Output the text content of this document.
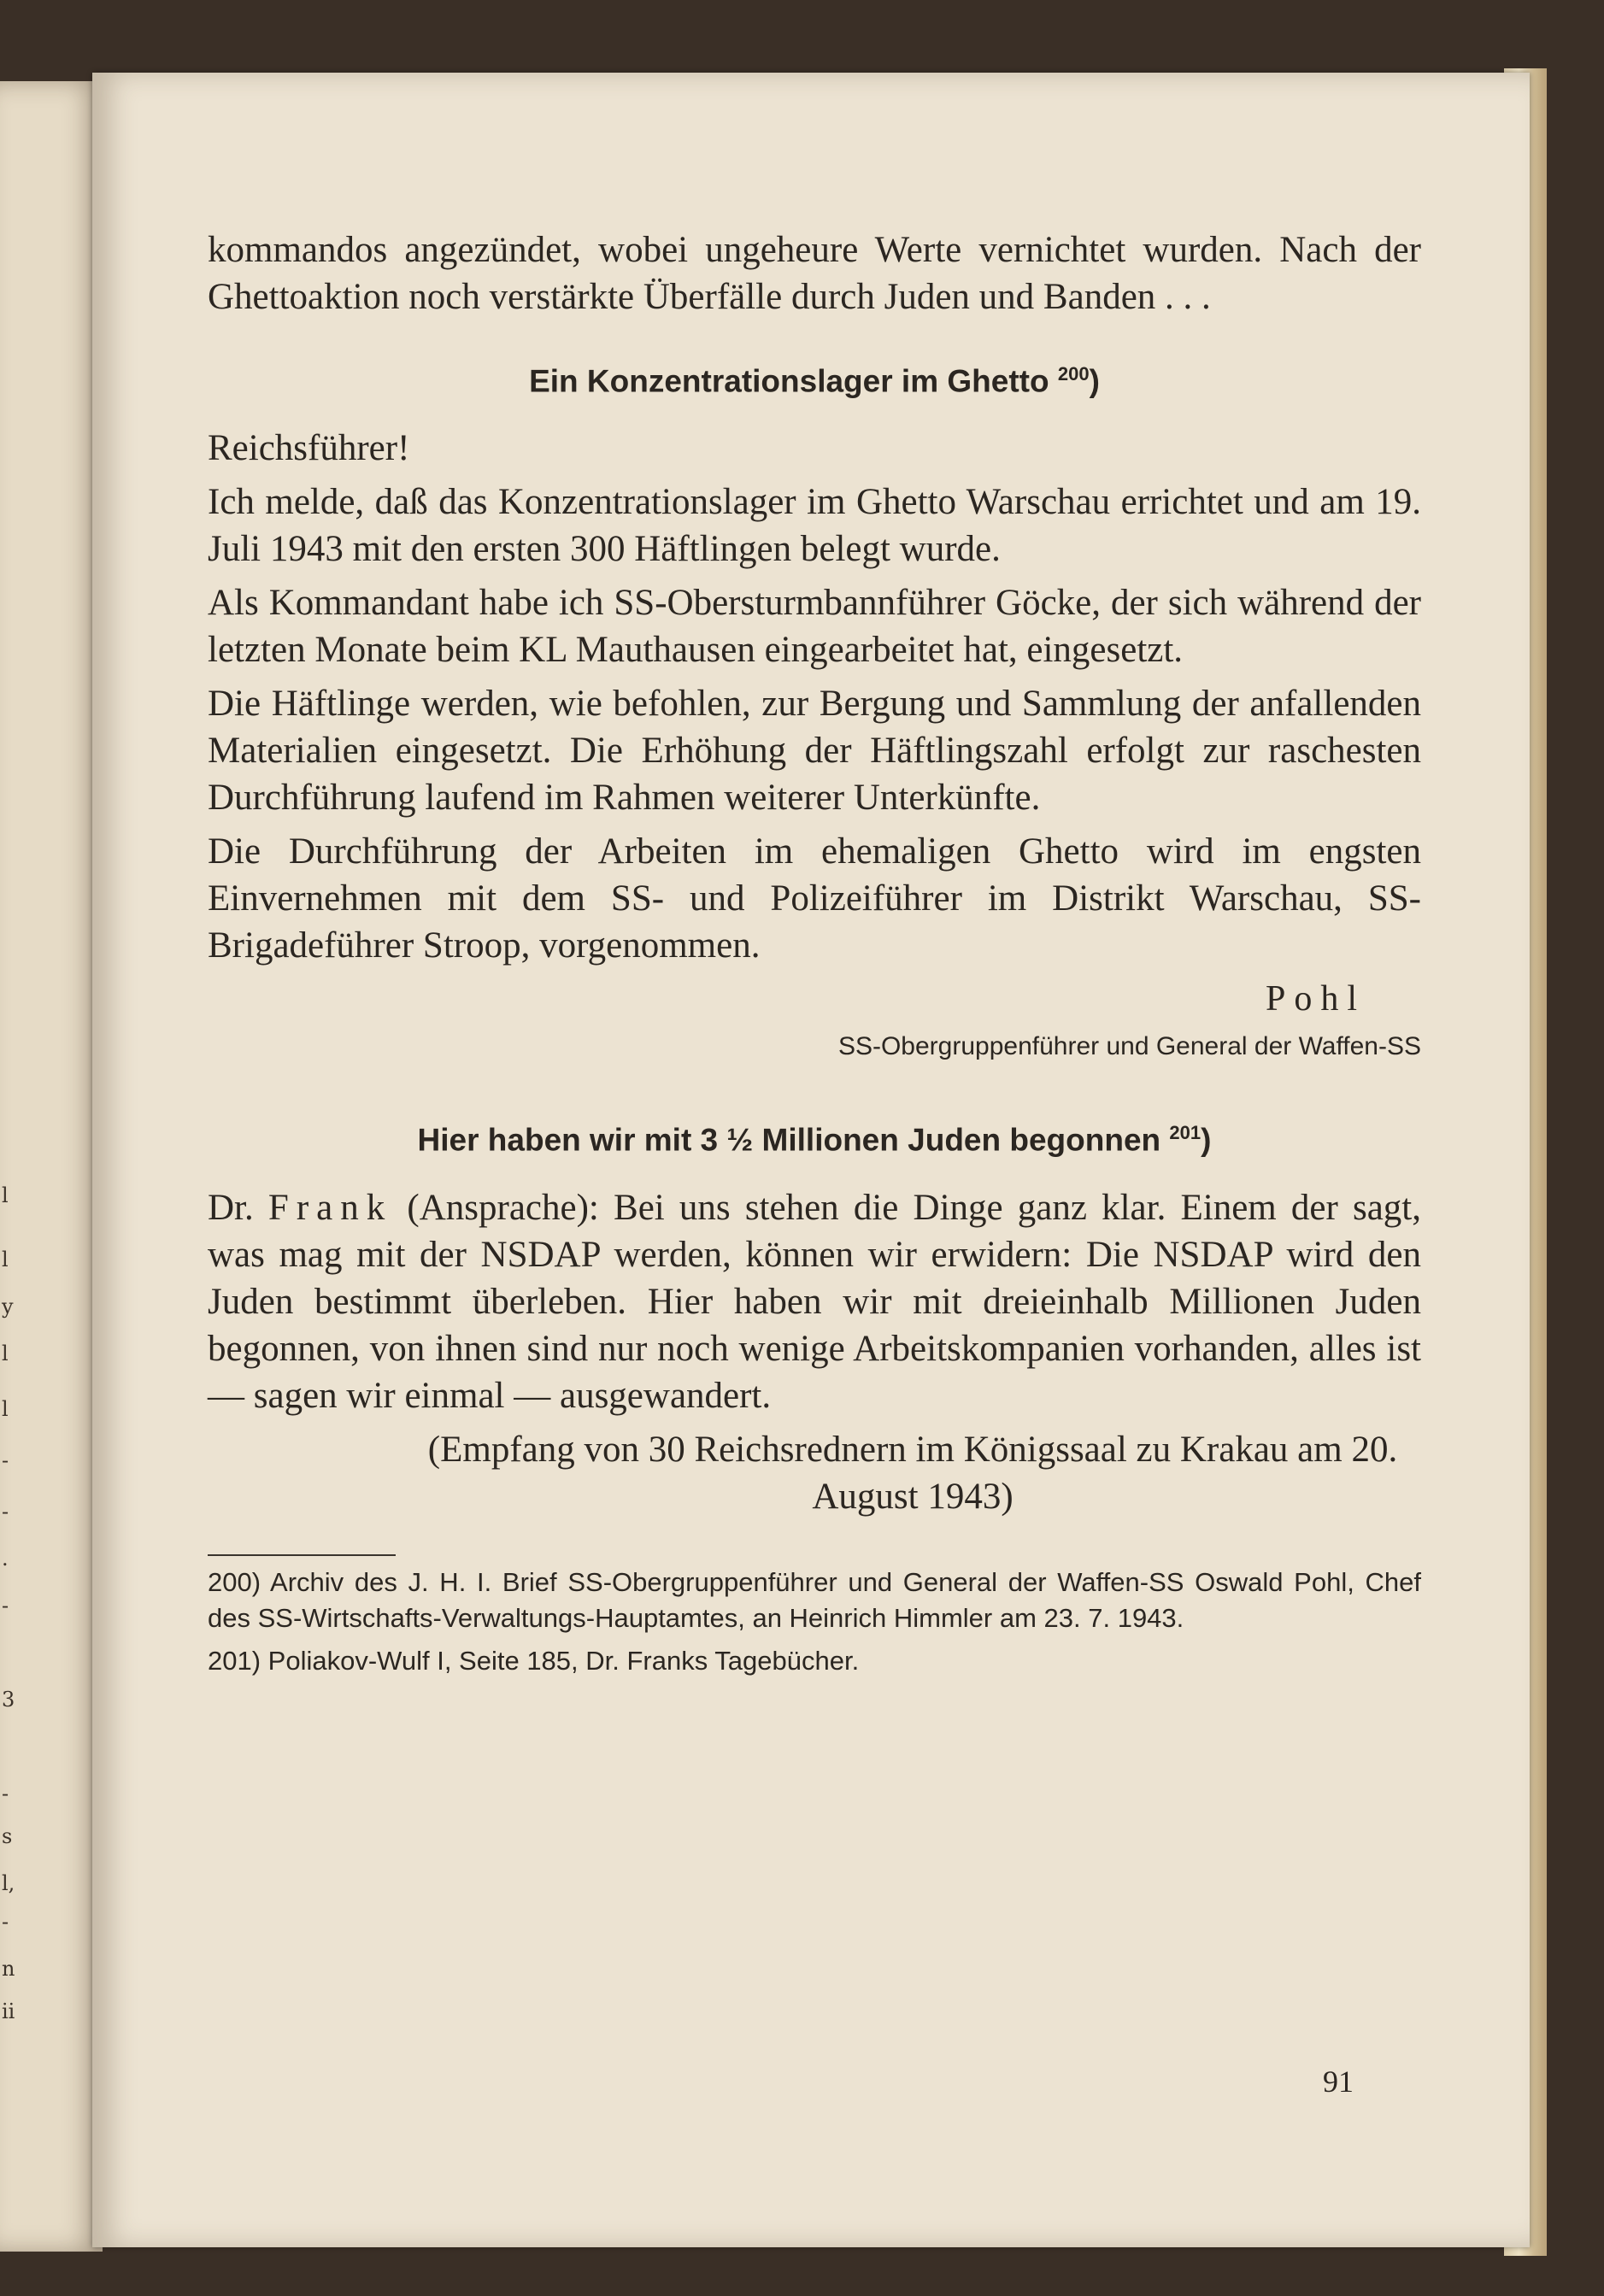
l
l
y
l
l
-
-
.
-
3
-
s
l,
-
n
ii

kommandos angezündet, wobei ungeheure Werte vernichtet wurden. Nach der Ghettoaktion noch verstärkte Überfälle durch Juden und Banden . . .

Ein Konzentrationslager im Ghetto $^{200}$)

Reichsführer!

Ich melde, daß das Konzentrationslager im Ghetto Warschau errichtet und am 19. Juli 1943 mit den ersten 300 Häftlingen belegt wurde.

Als Kommandant habe ich SS-Obersturmbannführer Göcke, der sich während der letzten Monate beim KL Mauthausen eingearbeitet hat, eingesetzt.

Die Häftlinge werden, wie befohlen, zur Bergung und Sammlung der anfallenden Materialien eingesetzt. Die Erhöhung der Häftlingszahl erfolgt zur raschesten Durchführung laufend im Rahmen weiterer Unterkünfte.

Die Durchführung der Arbeiten im ehemaligen Ghetto wird im engsten Einvernehmen mit dem SS- und Polizeiführer im Distrikt Warschau, SS-Brigadeführer Stroop, vorgenommen.

Pohl
SS-Obergruppenführer und General der Waffen-SS
Hier haben wir mit 3 ½ Millionen Juden begonnen $^{201}$)

Dr. Frank (Ansprache): Bei uns stehen die Dinge ganz klar. Einem der sagt, was mag mit der NSDAP werden, können wir erwidern: Die NSDAP wird den Juden bestimmt überleben. Hier haben wir mit dreieinhalb Millionen Juden begonnen, von ihnen sind nur noch wenige Arbeitskompanien vorhanden, alles ist — sagen wir einmal — ausgewandert.

(Empfang von 30 Reichsrednern im Königssaal zu Krakau am 20. August 1943)

200) Archiv des J. H. I. Brief SS-Obergruppenführer und General der Waffen-SS Oswald Pohl, Chef des SS-Wirtschafts-Verwaltungs-Hauptamtes, an Heinrich Himmler am 23. 7. 1943.

201) Poliakov-Wulf I, Seite 185, Dr. Franks Tagebücher.

91
